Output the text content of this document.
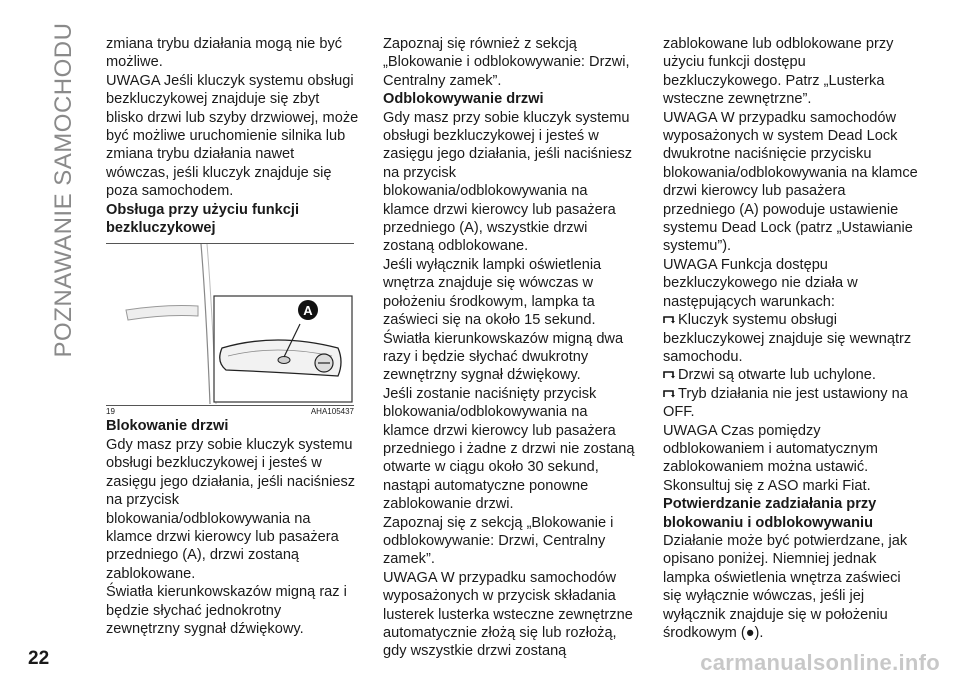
POZNAWANIE SAMOCHODU zmiana trybu działania mogą nie być możliwe.

UWAGA Jeśli kluczyk systemu obsługi bezkluczykowej znajduje się zbyt blisko drzwi lub szyby drzwiowej, może być możliwe uruchomienie silnika lub zmiana trybu działania nawet wówczas, jeśli kluczyk znajduje się poza samochodem.

Obsługa przy użyciu funkcji bezkluczykowej
A
19	AHA105437
Blokowanie drzwi

Gdy masz przy sobie kluczyk systemu obsługi bezkluczykowej i jesteś w zasięgu jego działania, jeśli naciśniesz na przycisk blokowania/odblokowywania na klamce drzwi kierowcy lub pasażera przedniego (A), drzwi zostaną zablokowane.

Światła kierunkowskazów migną raz i będzie słychać jednokrotny zewnętrzny sygnał dźwiękowy.

Zapoznaj się również z sekcją „Blokowanie i odblokowywanie: Drzwi, Centralny zamek”.

Odblokowywanie drzwi

Gdy masz przy sobie kluczyk systemu obsługi bezkluczykowej i jesteś w zasięgu jego działania, jeśli naciśniesz na przycisk blokowania/odblokowywania na klamce drzwi kierowcy lub pasażera przedniego (A), wszystkie drzwi zostaną odblokowane.

Jeśli wyłącznik lampki oświetlenia wnętrza znajduje się wówczas w położeniu środkowym, lampka ta zaświeci się na około 15 sekund.

Światła kierunkowskazów migną dwa razy i będzie słychać dwukrotny zewnętrzny sygnał dźwiękowy.

Jeśli zostanie naciśnięty przycisk blokowania/odblokowywania na klamce drzwi kierowcy lub pasażera przedniego i żadne z drzwi nie zostaną otwarte w ciągu około 30 sekund, nastąpi automatyczne ponowne zablokowanie drzwi.

Zapoznaj się z sekcją „Blokowanie i odblokowywanie: Drzwi, Centralny zamek”.

UWAGA W przypadku samochodów wyposażonych w przycisk składania lusterek lusterka wsteczne zewnętrzne automatycznie złożą się lub rozłożą, gdy wszystkie drzwi zostaną

zablokowane lub odblokowane przy użyciu funkcji dostępu bezkluczykowego. Patrz „Lusterka wsteczne zewnętrzne”.

UWAGA W przypadku samochodów wyposażonych w system Dead Lock dwukrotne naciśnięcie przycisku blokowania/odblokowywania na klamce drzwi kierowcy lub pasażera przedniego (A) powoduje ustawienie systemu Dead Lock (patrz „Ustawianie systemu”).

UWAGA Funkcja dostępu bezkluczykowego nie działa w następujących warunkach:

Kluczyk systemu obsługi bezkluczykowej znajduje się wewnątrz samochodu.

Drzwi są otwarte lub uchylone.

Tryb działania nie jest ustawiony na OFF.

UWAGA Czas pomiędzy odblokowaniem i automatycznym zablokowaniem można ustawić. Skonsultuj się z ASO marki Fiat.

Potwierdzanie zadziałania przy blokowaniu i odblokowywaniu

Działanie może być potwierdzane, jak opisano poniżej. Niemniej jednak lampka oświetlenia wnętrza zaświeci się wyłącznie wówczas, jeśli jej wyłącznik znajduje się w położeniu środkowym (●).

22	carmanualsonline.info
